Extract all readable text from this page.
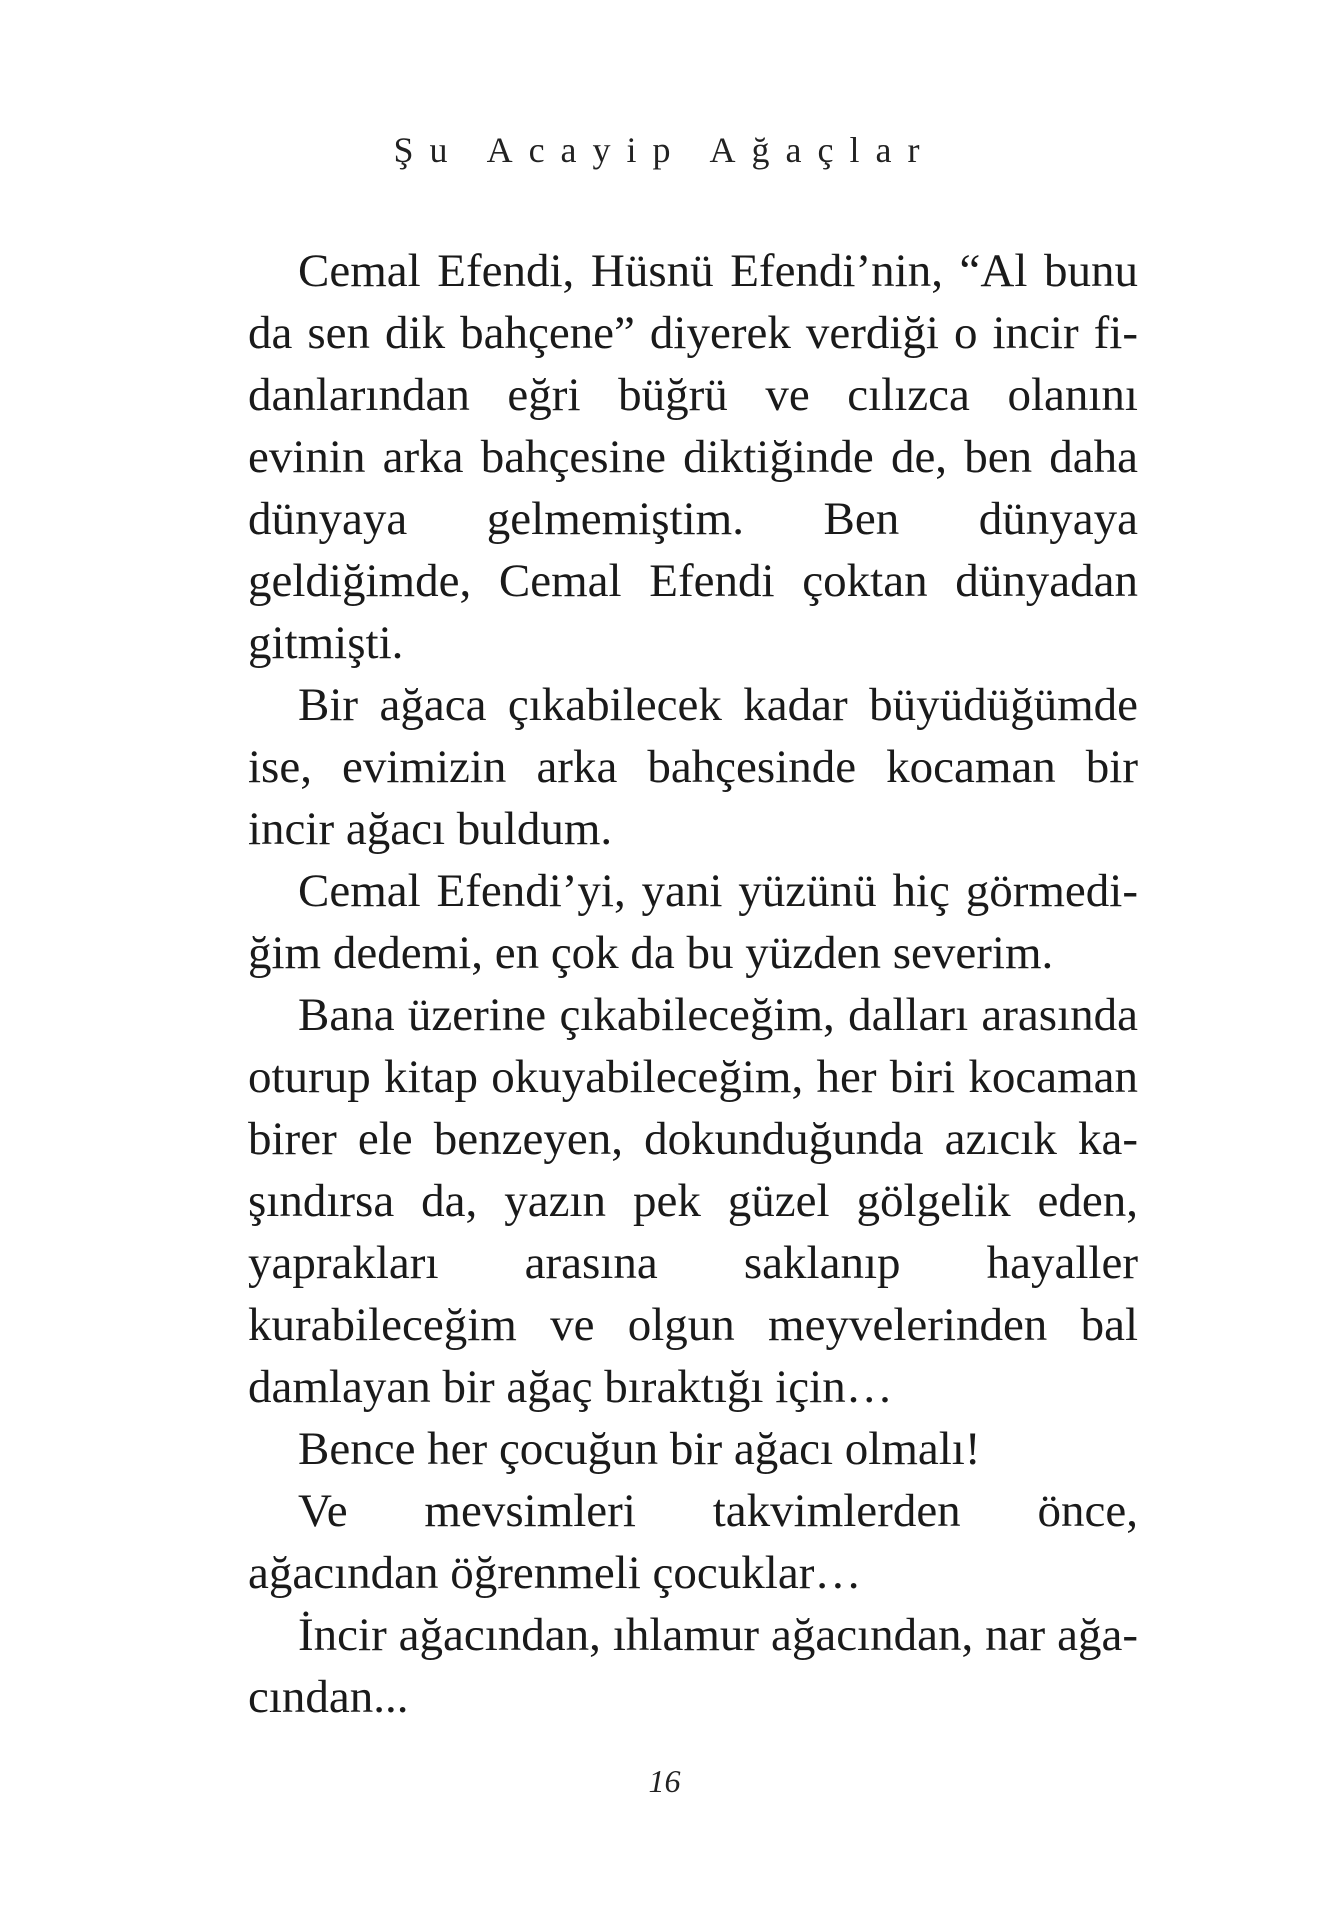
Şu Acayip Ağaçlar

Cemal Efendi, Hüsnü Efendi’nin, “Al bunu da sen dik bahçene” diyerek verdiği o incir fidanlarından eğri büğrü ve cılızca olanını evinin arka bahçesine diktiğinde de, ben daha dünyaya gelmemiştim. Ben dünyaya geldiğimde, Cemal Efendi çoktan dünyadan gitmişti.

Bir ağaca çıkabilecek kadar büyüdüğümde ise, evimizin arka bahçesinde kocaman bir incir ağacı buldum.

Cemal Efendi’yi, yani yüzünü hiç görmediğim dedemi, en çok da bu yüzden severim.

Bana üzerine çıkabileceğim, dalları arasında oturup kitap okuyabileceğim, her biri kocaman birer ele benzeyen, dokunduğunda azıcık kaşındırsa da, yazın pek güzel gölgelik eden, yaprakları arasına saklanıp hayaller kurabileceğim ve olgun meyvelerinden bal damlayan bir ağaç bıraktığı için…

Bence her çocuğun bir ağacı olmalı!

Ve mevsimleri takvimlerden önce, ağacından öğrenmeli çocuklar…

İncir ağacından, ıhlamur ağacından, nar ağacından...

16
